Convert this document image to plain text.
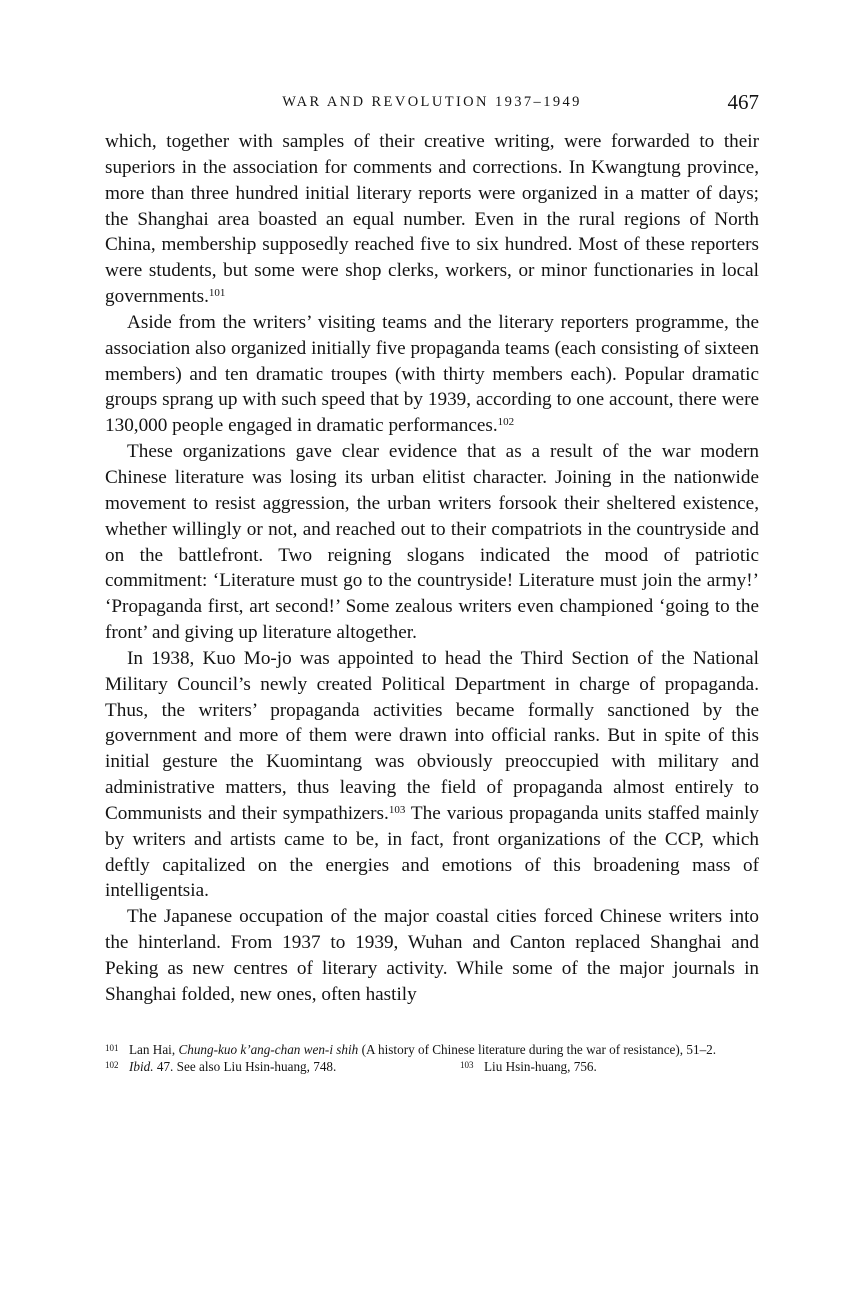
WAR AND REVOLUTION 1937–1949	467

which, together with samples of their creative writing, were forwarded to their superiors in the association for comments and corrections. In Kwangtung province, more than three hundred initial literary reports were organized in a matter of days; the Shanghai area boasted an equal number. Even in the rural regions of North China, membership supposedly reached five to six hundred. Most of these reporters were students, but some were shop clerks, workers, or minor functionaries in local governments.$^{101}$

Aside from the writers’ visiting teams and the literary reporters programme, the association also organized initially five propaganda teams (each consisting of sixteen members) and ten dramatic troupes (with thirty members each). Popular dramatic groups sprang up with such speed that by 1939, according to one account, there were 130,000 people engaged in dramatic performances.$^{102}$

These organizations gave clear evidence that as a result of the war modern Chinese literature was losing its urban elitist character. Joining in the nationwide movement to resist aggression, the urban writers forsook their sheltered existence, whether willingly or not, and reached out to their compatriots in the countryside and on the battlefront. Two reigning slogans indicated the mood of patriotic commitment: ‘Literature must go to the countryside! Literature must join the army!’ ‘Propaganda first, art second!’ Some zealous writers even championed ‘going to the front’ and giving up literature altogether.

In 1938, Kuo Mo-jo was appointed to head the Third Section of the National Military Council’s newly created Political Department in charge of propaganda. Thus, the writers’ propaganda activities became formally sanctioned by the government and more of them were drawn into official ranks. But in spite of this initial gesture the Kuomintang was obviously preoccupied with military and administrative matters, thus leaving the field of propaganda almost entirely to Communists and their sympathizers.$^{103}$ The various propaganda units staffed mainly by writers and artists came to be, in fact, front organizations of the CCP, which deftly capitalized on the energies and emotions of this broadening mass of intelligentsia.

The Japanese occupation of the major coastal cities forced Chinese writers into the hinterland. From 1937 to 1939, Wuhan and Canton replaced Shanghai and Peking as new centres of literary activity. While some of the major journals in Shanghai folded, new ones, often hastily

101 Lan Hai, Chung-kuo k’ang-chan wen-i shih (A history of Chinese literature during the war of resistance), 51–2.
102 Ibid. 47. See also Liu Hsin-huang, 748.	103 Liu Hsin-huang, 756.
